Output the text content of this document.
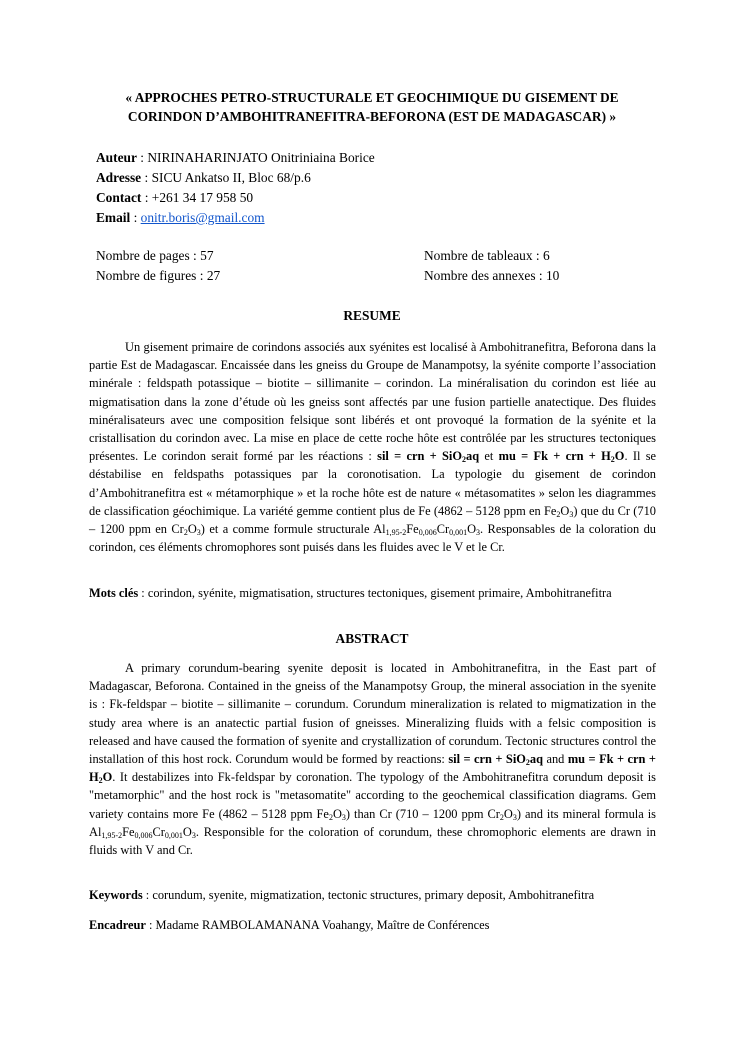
« APPROCHES PETRO-STRUCTURALE ET GEOCHIMIQUE DU GISEMENT DE
CORINDON D’AMBOHITRANEFITRA-BEFORONA (EST DE MADAGASCAR) »
Auteur : NIRINAHARINJATO Onitriniaina Borice
Adresse : SICU Ankatso II, Bloc 68/p.6
Contact : +261 34 17 958 50
Email : onitr.boris@gmail.com
Nombre de pages : 57
Nombre de figures : 27
Nombre de tableaux : 6
Nombre des annexes : 10
RESUME
Un gisement primaire de corindons associés aux syénites est localisé à Ambohitranefitra, Beforona dans la partie Est de Madagascar. Encaissée dans les gneiss du Groupe de Manampotsy, la syénite comporte l’association minérale : feldspath potassique – biotite – sillimanite – corindon. La minéralisation du corindon est liée au migmatisation dans la zone d’étude où les gneiss sont affectés par une fusion partielle anatectique. Des fluides minéralisateurs avec une composition felsique sont libérés et ont provoqué la formation de la syénite et la cristallisation du corindon avec. La mise en place de cette roche hôte est contrôlée par les structures tectoniques présentes. Le corindon serait formé par les réactions : sil = crn + SiO$_2$aq et mu = Fk + crn + $H_2O$. Il se déstabilise en feldspaths potassiques par la coronotisation. La typologie du gisement de corindon d’Ambohitranefitra est « métamorphique » et la roche hôte est de nature « métasomatites » selon les diagrammes de classification géochimique. La variété gemme contient plus de Fe (4862 – 5128 ppm en $Fe_2O_3$) que du Cr (710 – 1200 ppm en $Cr_2O_3$) et a comme formule structurale $Al_{1,95-2}Fe_{0,006}Cr_{0,001}O_3$. Responsables de la coloration du corindon, ces éléments chromophores sont puisés dans les fluides avec le V et le Cr.
Mots clés : corindon, syénite, migmatisation, structures tectoniques, gisement primaire, Ambohitranefitra
ABSTRACT
A primary corundum-bearing syenite deposit is located in Ambohitranefitra, in the East part of Madagascar, Beforona. Contained in the gneiss of the Manampotsy Group, the mineral association in the syenite is : Fk-feldspar – biotite – sillimanite – corundum. Corundum mineralization is related to migmatization in the study area where is an anatectic partial fusion of gneisses. Mineralizing fluids with a felsic composition is released and have caused the formation of syenite and crystallization of corundum. Tectonic structures control the installation of this host rock. Corundum would be formed by reactions: sil = crn + SiO$_2$aq and mu = Fk + crn + $H_2O$. It destabilizes into Fk-feldspar by coronation. The typology of the Ambohitranefitra corundum deposit is "metamorphic" and the host rock is "metasomatite" according to the geochemical classification diagrams. Gem variety contains more Fe (4862 – 5128 ppm $Fe_2O_3$) than Cr (710 – 1200 ppm $Cr_2O_3$) and its mineral formula is $Al_{1,95-2}Fe_{0,006}Cr_{0,001}O_3$. Responsible for the coloration of corundum, these chromophoric elements are drawn in fluids with V and Cr.
Keywords : corundum, syenite, migmatization, tectonic structures, primary deposit, Ambohitranefitra
Encadreur : Madame RAMBOLAMANANA Voahangy, Maître de Conférences
